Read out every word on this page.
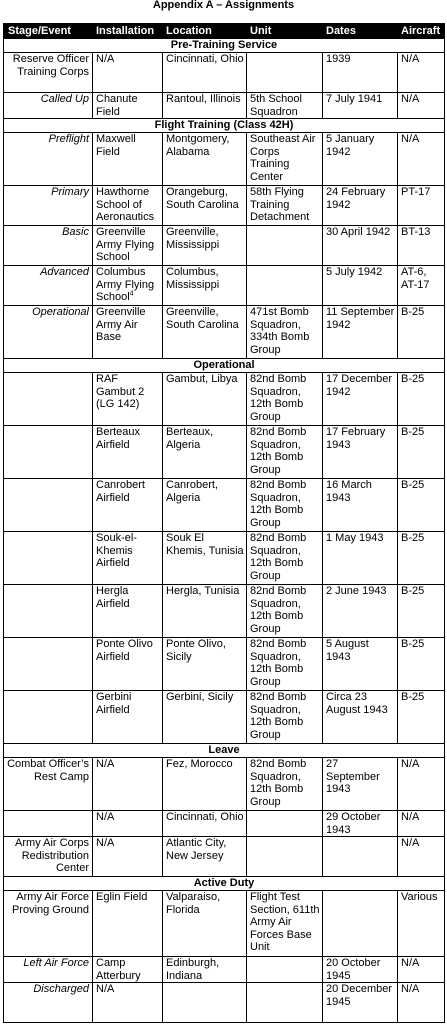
Appendix A – Assignments
Stage/Event	Installation	Location	Unit	Dates	Aircraft
Pre-Training Service					
Reserve Officer Training Corps	N/A	Cincinnati, Ohio		1939	N/A
Called Up	Chanute Field	Rantoul, Illinois	5th School Squadron	7 July 1941	N/A
Flight Training (Class 42H)					
Preflight	Maxwell Field	Montgomery, Alabama	Southeast Air Corps Training Center	5 January 1942	N/A
Primary	Hawthorne School of Aeronautics	Orangeburg, South Carolina	58th Flying Training Detachment	24 February 1942	PT-17
Basic	Greenville Army Flying School	Greenville, Mississippi		30 April 1942	BT-13
Advanced	Columbus Army Flying School$^4$	Columbus, Mississippi		5 July 1942	AT-6, AT-17
Operational	Greenville Army Air Base	Greenville, South Carolina	471st Bomb Squadron, 334th Bomb Group	11 September 1942	B-25
Operational					
	RAF Gambut 2 (LG 142)	Gambut, Libya	82nd Bomb Squadron, 12th Bomb Group	17 December 1942	B-25
	Berteaux Airfield	Berteaux, Algeria	82nd Bomb Squadron, 12th Bomb Group	17 February 1943	B-25
	Canrobert Airfield	Canrobert, Algeria	82nd Bomb Squadron, 12th Bomb Group	16 March 1943	B-25
	Souk-el-Khemis Airfield	Souk El Khemis, Tunisia	82nd Bomb Squadron, 12th Bomb Group	1 May 1943	B-25
	Hergla Airfield	Hergla, Tunisia	82nd Bomb Squadron, 12th Bomb Group	2 June 1943	B-25
	Ponte Olivo Airfield	Ponte Olivo, Sicily	82nd Bomb Squadron, 12th Bomb Group	5 August 1943	B-25
	Gerbini Airfield	Gerbini, Sicily	82nd Bomb Squadron, 12th Bomb Group	Circa 23 August 1943	B-25
Leave					
Combat Officer’s Rest Camp	N/A	Fez, Morocco	82nd Bomb Squadron, 12th Bomb Group	27 September 1943	N/A
	N/A	Cincinnati, Ohio		29 October 1943	N/A
Army Air Corps Redistribution Center	N/A	Atlantic City, New Jersey			N/A
Active Duty					
Army Air Force Proving Ground	Eglin Field	Valparaiso, Florida	Flight Test Section, 611th Army Air Forces Base Unit		Various
Left Air Force	Camp Atterbury	Edinburgh, Indiana		20 October 1945	N/A
Discharged	N/A			20 December 1945	N/A
